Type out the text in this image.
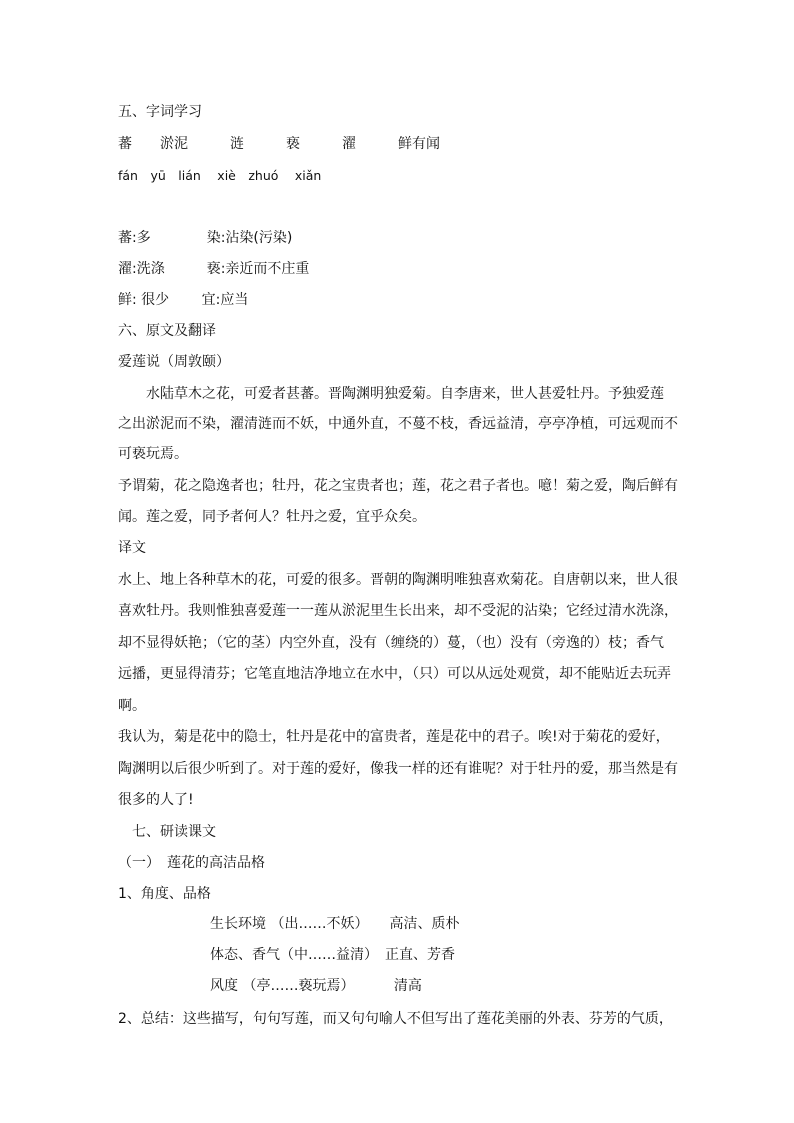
五、字词学习
蕃　　淤泥　　　涟　　　亵　　　濯　　　鲜有闻
fán　yū　lián　 xiè　zhuó　 xiǎn
蕃:多　　　　染:沾染(污染)
濯:洗涤　　　亵:亲近而不庄重
鲜: 很少　　 宜:应当
六、原文及翻译
爱莲说（周敦颐）
　　水陆草木之花，可爱者甚蕃。晋陶渊明独爱菊。自李唐来，世人甚爱牡丹。予独爱莲
之出淤泥而不染，濯清涟而不妖，中通外直，不蔓不枝，香远益清，亭亭净植，可远观而不
可亵玩焉。
予谓菊，花之隐逸者也；牡丹，花之宝贵者也；莲，花之君子者也。噫！菊之爱，陶后鲜有
闻。莲之爱，同予者何人？牡丹之爱，宜乎众矣。
译文
水上、地上各种草木的花，可爱的很多。晋朝的陶渊明唯独喜欢菊花。自唐朝以来，世人很
喜欢牡丹。我则惟独喜爱莲一一莲从淤泥里生长出来，却不受泥的沾染；它经过清水洗涤，
却不显得妖艳；（它的茎）内空外直，没有（缠绕的）蔓，（也）没有（旁逸的）枝；香气
远播，更显得清芬；它笔直地洁净地立在水中，（只）可以从远处观赏，却不能贴近去玩弄
啊。
我认为，菊是花中的隐士，牡丹是花中的富贵者，莲是花中的君子。唉!对于菊花的爱好，
陶渊明以后很少听到了。对于莲的爱好，像我一样的还有谁呢？对于牡丹的爱，那当然是有
很多的人了!
七、研读课文
（一）　莲花的高洁品格
1、角度、品格
生长环境 （出……不妖）　　高洁、质朴
体态、香气（中……益清）　正直、芳香
风度 （亭……亵玩焉）　　　 清高
2、总结：这些描写，句句写莲，而又句句喻人不但写出了莲花美丽的外表、芬芳的气质，
